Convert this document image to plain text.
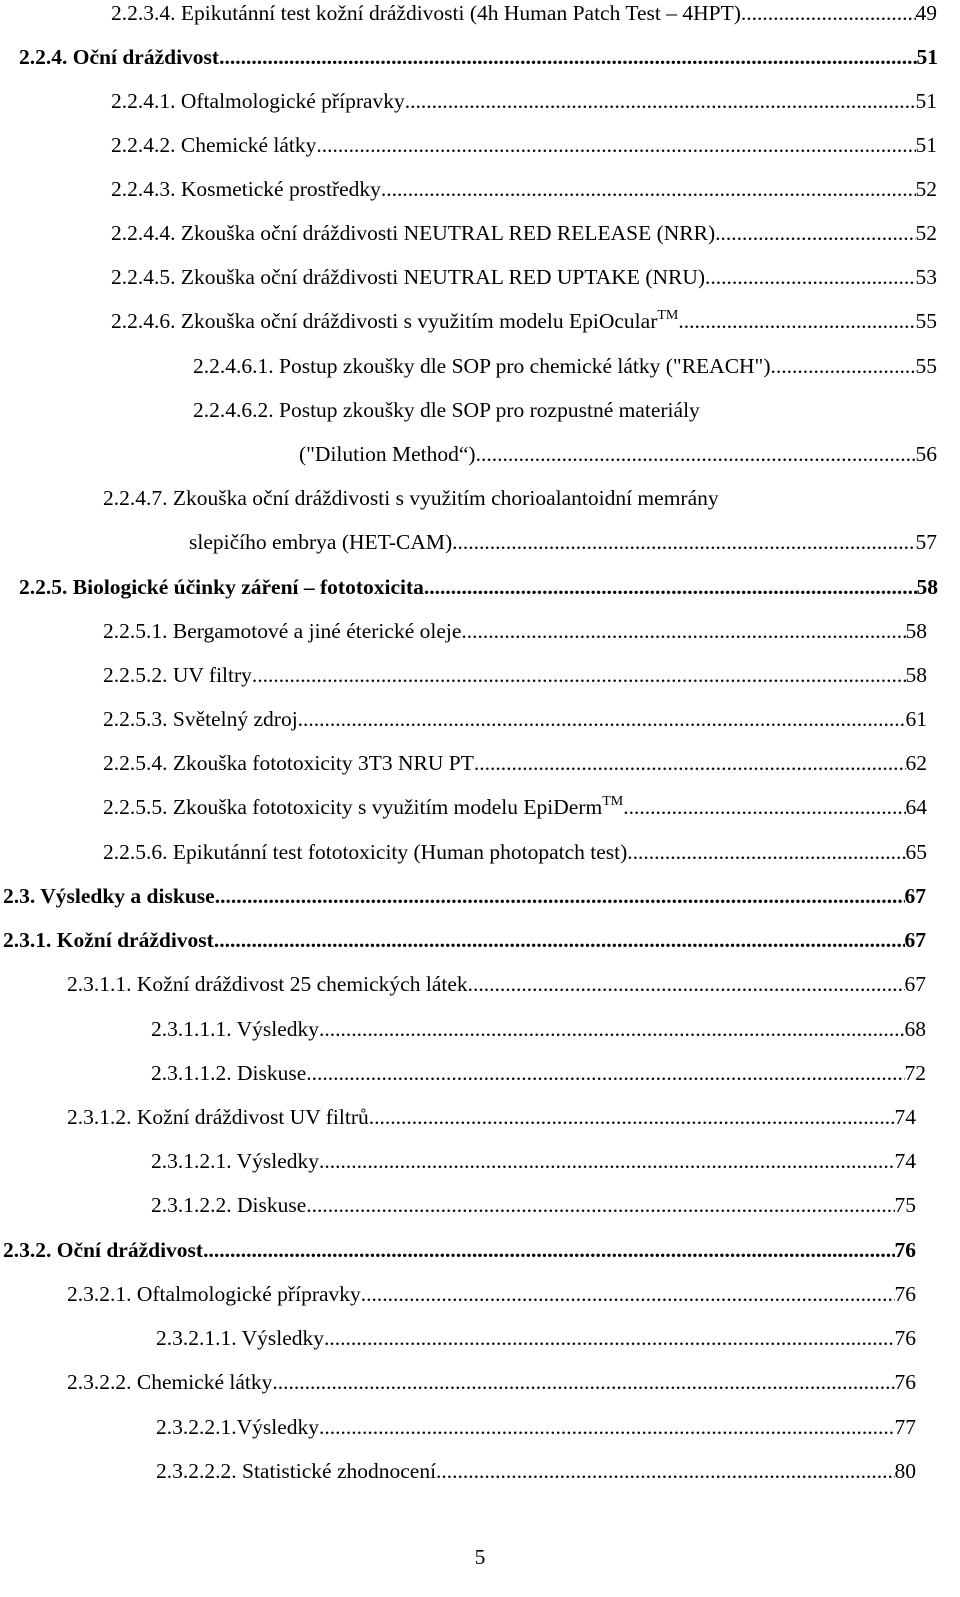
2.2.3.4. Epikutánní test kožní dráždivosti (4h Human Patch Test – 4HPT) .....	49
2.2.4. Oční dráždivost .....	51
2.2.4.1. Oftalmologické přípravky .....	51
2.2.4.2. Chemické látky .....	51
2.2.4.3. Kosmetické prostředky .....	52
2.2.4.4. Zkouška oční dráždivosti NEUTRAL RED RELEASE (NRR) .....	52
2.2.4.5. Zkouška oční dráždivosti NEUTRAL RED UPTAKE (NRU) .....	53
2.2.4.6. Zkouška oční dráždivosti s využitím modelu EpiOcular™ .....	55
2.2.4.6.1. Postup zkoušky dle SOP pro chemické látky ("REACH") .....	55
2.2.4.6.2. Postup zkoušky dle SOP pro rozpustné materiály
("Dilution Method“) .....	56
2.2.4.7. Zkouška oční dráždivosti s využitím chorioalantoidní memrány
slepičího embrya (HET-CAM) .....	57
2.2.5. Biologické účinky záření – fototoxicita .....	58
2.2.5.1. Bergamotové a jiné éterické oleje .....	58
2.2.5.2. UV filtry .....	58
2.2.5.3. Světelný zdroj .....	61
2.2.5.4. Zkouška fototoxicity 3T3 NRU PT .....	62
2.2.5.5. Zkouška fototoxicity s využitím modelu EpiDerm™ .....	64
2.2.5.6. Epikutánní test fototoxicity (Human photopatch test) .....	65
2.3. Výsledky a diskuse .....	67
2.3.1. Kožní dráždivost .....	67
2.3.1.1. Kožní dráždivost 25 chemických látek .....	67
2.3.1.1.1. Výsledky .....	68
2.3.1.1.2. Diskuse .....	72
2.3.1.2. Kožní dráždivost UV filtrů .....	74
2.3.1.2.1. Výsledky .....	74
2.3.1.2.2. Diskuse .....	75
2.3.2. Oční dráždivost .....	76
2.3.2.1. Oftalmologické přípravky .....	76
2.3.2.1.1. Výsledky .....	76
2.3.2.2. Chemické látky .....	76
2.3.2.2.1.Výsledky .....	77
2.3.2.2.2. Statistické zhodnocení .....	80
5
